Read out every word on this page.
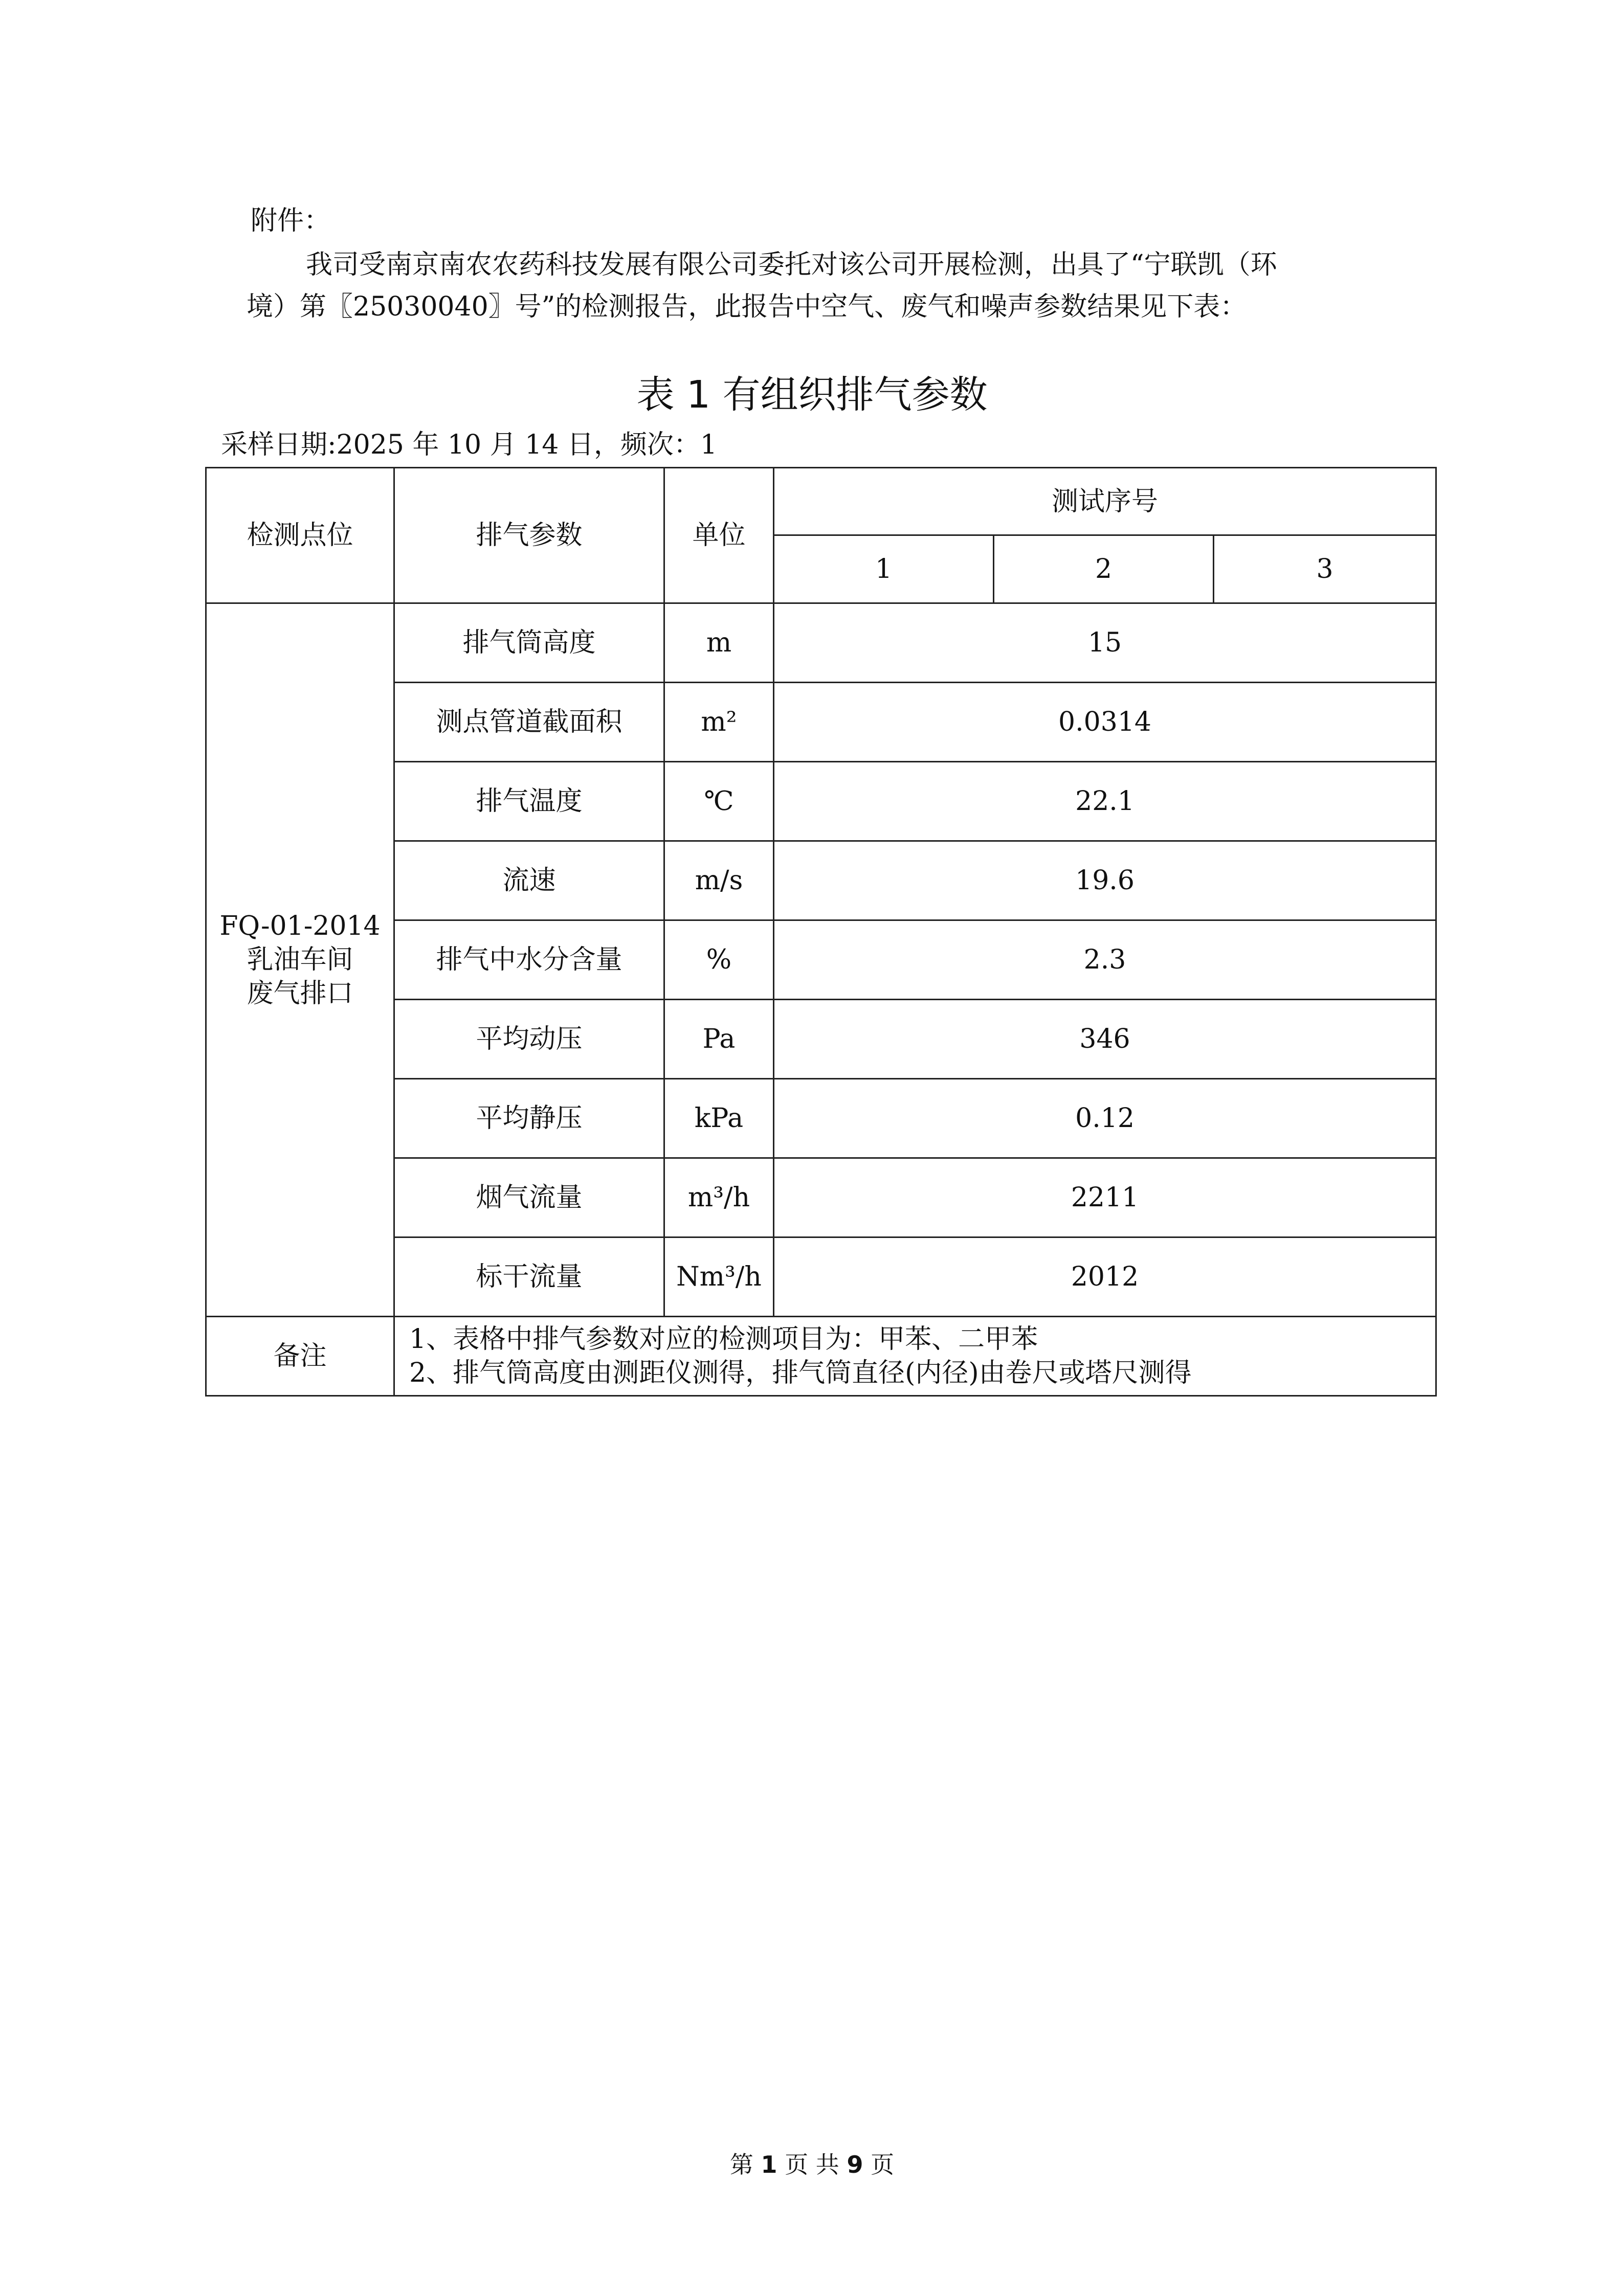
附件：
我司受南京南农农药科技发展有限公司委托对该公司开展检测，出具了“宁联凯（环
境）第〖25030040〗号”的检测报告，此报告中空气、废气和噪声参数结果见下表：
表 1 有组织排气参数
采样日期:2025 年 10 月 14 日，频次：1
检测点位	排气参数	单位	测试序号		
			1	2	3

FQ-01-2014
乳油车间
废气排口	排气筒高度	m	15		
	测点管道截面积	m²	0.0314		
	排气温度	℃	22.1		
	流速	m/s	19.6		
	排气中水分含量	%	2.3		
	平均动压	Pa	346		
	平均静压	kPa	0.12		
	烟气流量	m³/h	2211		
	标干流量	Nm³/h	2012		
备注	1、表格中排气参数对应的检测项目为：甲苯、二甲苯
2、排气筒高度由测距仪测得，排气筒直径(内径)由卷尺或塔尺测得				
第 1 页 共 9 页
